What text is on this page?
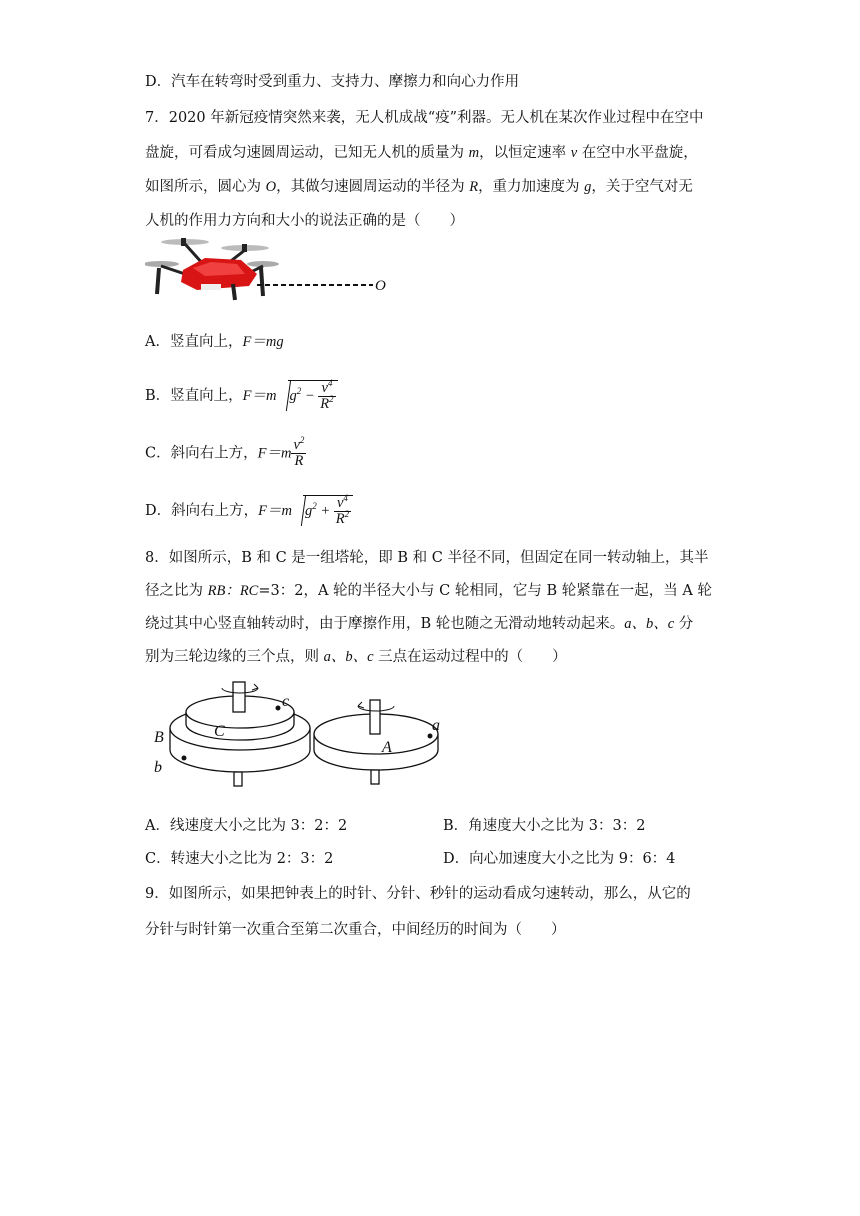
D．汽车在转弯时受到重力、支持力、摩擦力和向心力作用
7．2020 年新冠疫情突然来袭，无人机成战“疫”利器。无人机在某次作业过程中在空中
盘旋，可看成匀速圆周运动，已知无人机的质量为 m，以恒定速率 v 在空中水平盘旋，
如图所示，圆心为 O，其做匀速圆周运动的半径为 R，重力加速度为 g，关于空气对无
人机的作用力方向和大小的说法正确的是（　　）
O
A．竖直向上，F＝mg
B．竖直向上，F＝m $g^2 - \frac{v^4}{R^2}$
C．斜向右上方，$F=m \frac{v^2}{R}$
D．斜向右上方，F＝m $g^2 + \frac{v^4}{R^2}$
8．如图所示，B 和 C 是一组塔轮，即 B 和 C 半径不同，但固定在同一转动轴上，其半
径之比为 RB：RC=3：2，A 轮的半径大小与 C 轮相同，它与 B 轮紧靠在一起，当 A 轮
绕过其中心竖直轴转动时，由于摩擦作用，B 轮也随之无滑动地转动起来。a、b、c 分
别为三轮边缘的三个点，则 a、b、c 三点在运动过程中的（　　）
c
C
B
b
A
a
A．线速度大小之比为 3：2：2	B．角速度大小之比为 3：3：2
C．转速大小之比为 2：3：2	D．向心加速度大小之比为 9：6：4
9．如图所示，如果把钟表上的时针、分针、秒针的运动看成匀速转动，那么，从它的
分针与时针第一次重合至第二次重合，中间经历的时间为（　　）
